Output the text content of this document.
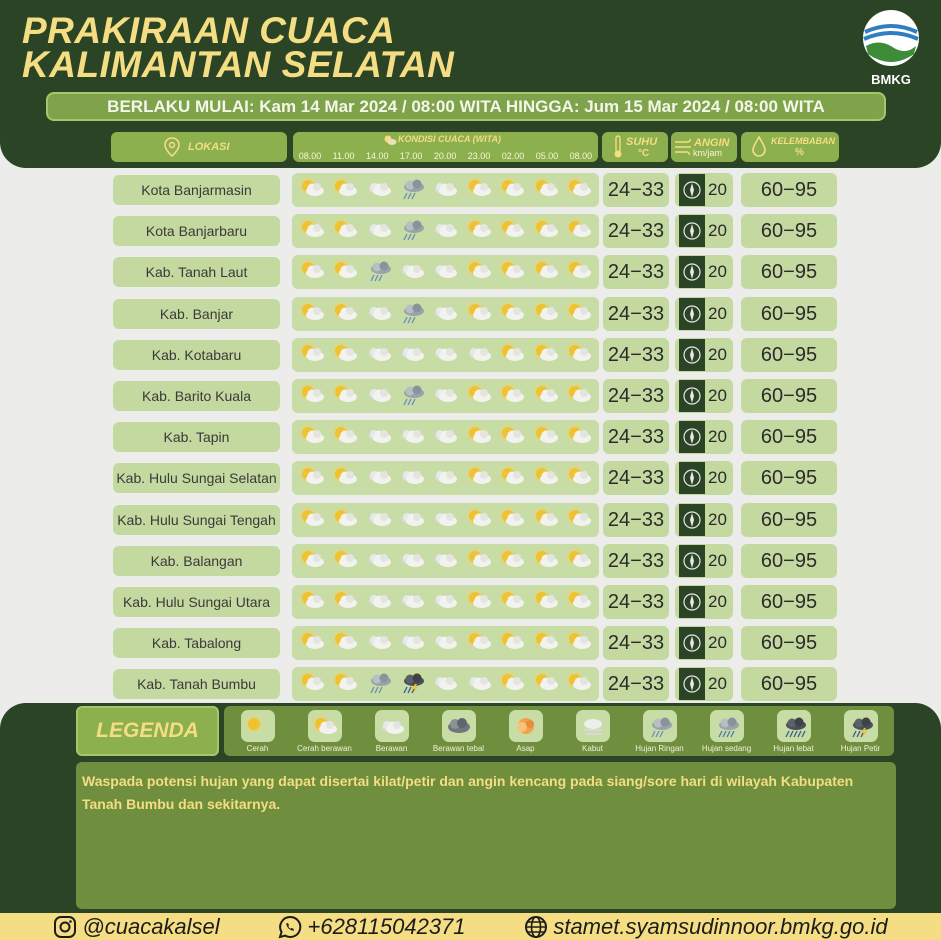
PRAKIRAAN CUACA
KALIMANTAN SELATAN	BMKG
BERLAKU MULAI: Kam 14 Mar 2024 / 08:00 WITA HINGGA: Jum 15 Mar 2024 / 08:00 WITA
LOKASI
KONDISI CUACA (WITA)
08.00 11.00 14.00 17.00 20.00 23.00 02.00 05.00 08.00
SUHU
°C
ANGIN
km/jam
KELEMBABAN
%
Kota Banjarmasin	24−33	20	60−95
Kota Banjarbaru	24−33	20	60−95
Kab. Tanah Laut	24−33	20	60−95
Kab. Banjar	24−33	20	60−95
Kab. Kotabaru	24−33	20	60−95
Kab. Barito Kuala	24−33	20	60−95
Kab. Tapin	24−33	20	60−95
Kab. Hulu Sungai Selatan	24−33	20	60−95
Kab. Hulu Sungai Tengah	24−33	20	60−95
Kab. Balangan	24−33	20	60−95
Kab. Hulu Sungai Utara	24−33	20	60−95
Kab. Tabalong	24−33	20	60−95
Kab. Tanah Bumbu	24−33	20	60−95
LEGENDA
Cerah	Cerah berawan	Berawan	Berawan tebal	Asap	Kabut	Hujan Ringan Hujan sedang	Hujan lebat	Hujan Petir
Waspada potensi hujan yang dapat disertai kilat/petir dan angin kencang pada siang/sore hari di wilayah Kabupaten Tanah Bumbu dan sekitarnya.
@cuacakalsel	+628115042371	stamet.syamsudinnoor.bmkg.go.id
